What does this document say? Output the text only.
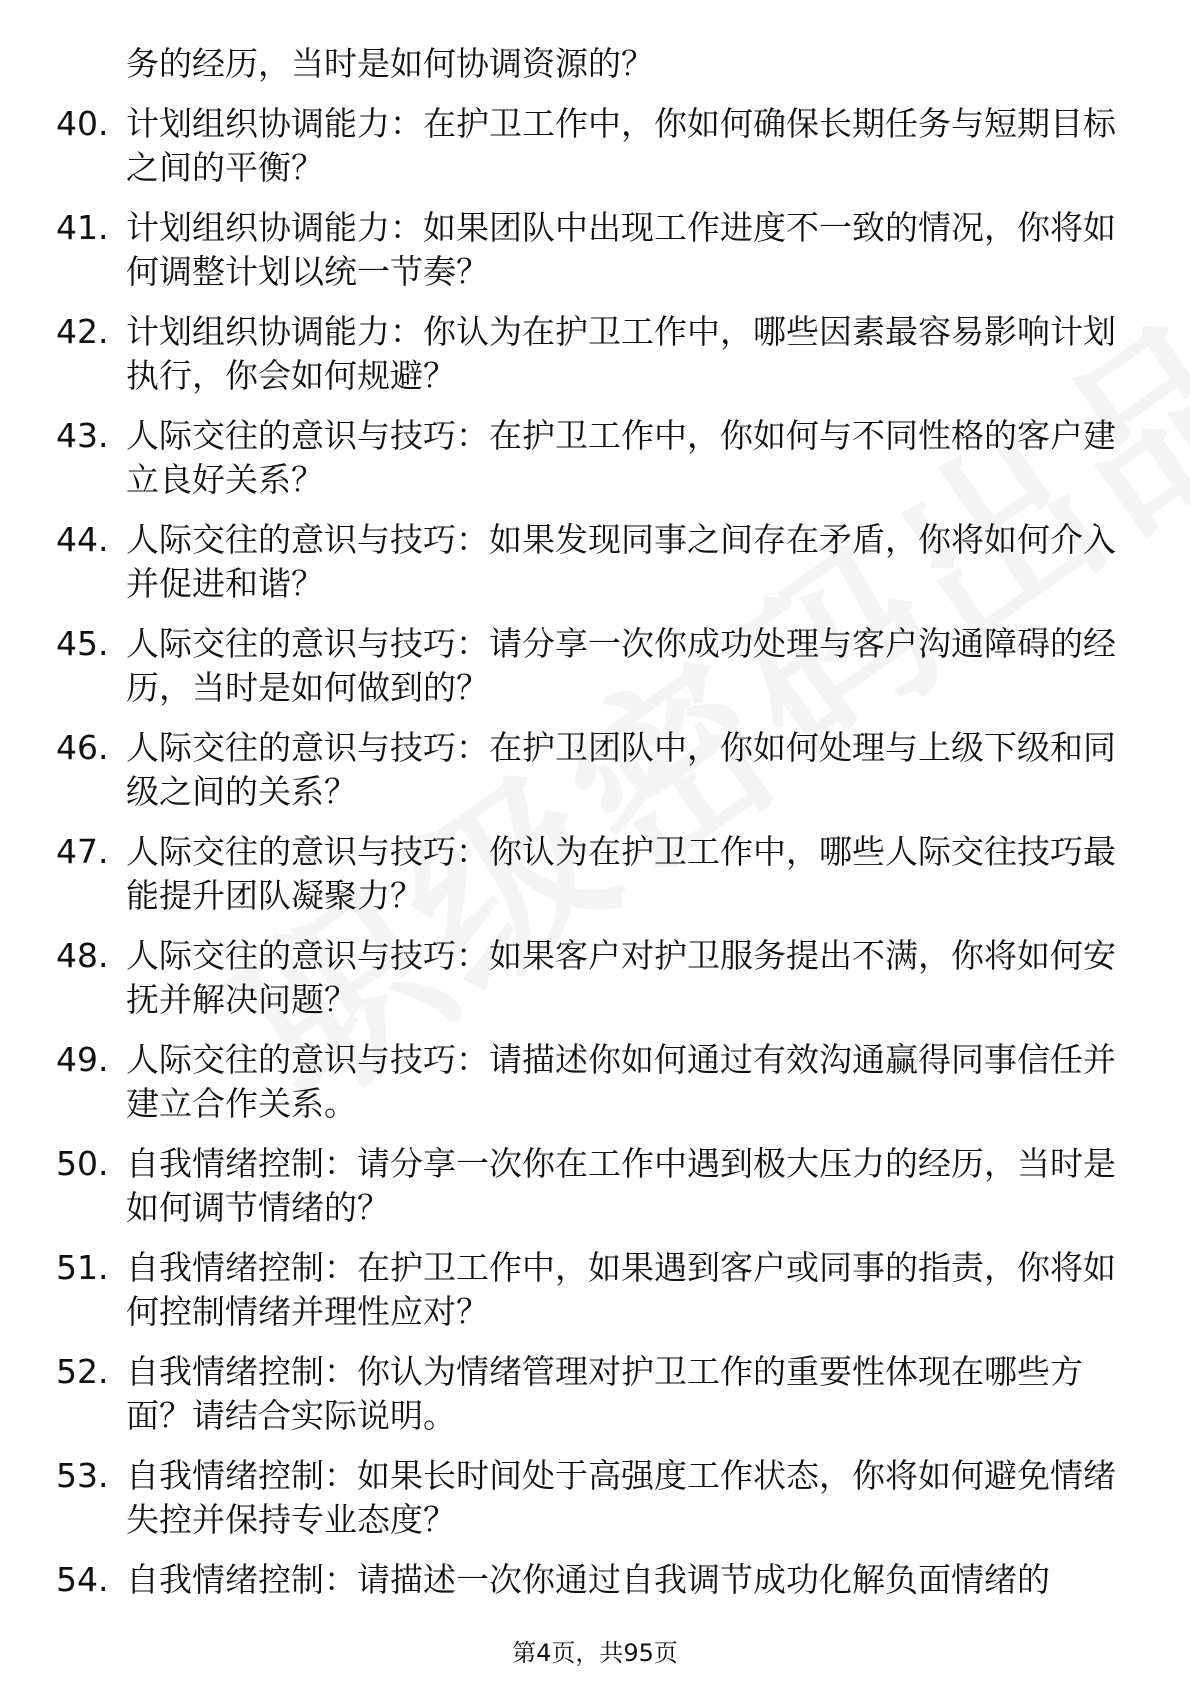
务的经历，当时是如何协调资源的？
40. 计划组织协调能力：在护卫工作中，你如何确保长期任务与短期目标之间的平衡？
41. 计划组织协调能力：如果团队中出现工作进度不一致的情况，你将如何调整计划以统一节奏？
42. 计划组织协调能力：你认为在护卫工作中，哪些因素最容易影响计划执行，你会如何规避？
43. 人际交往的意识与技巧：在护卫工作中，你如何与不同性格的客户建立良好关系？
44. 人际交往的意识与技巧：如果发现同事之间存在矛盾，你将如何介入并促进和谐？
45. 人际交往的意识与技巧：请分享一次你成功处理与客户沟通障碍的经历，当时是如何做到的？
46. 人际交往的意识与技巧：在护卫团队中，你如何处理与上级下级和同级之间的关系？
47. 人际交往的意识与技巧：你认为在护卫工作中，哪些人际交往技巧最能提升团队凝聚力？
48. 人际交往的意识与技巧：如果客户对护卫服务提出不满，你将如何安抚并解决问题？
49. 人际交往的意识与技巧：请描述你如何通过有效沟通赢得同事信任并建立合作关系。
50. 自我情绪控制：请分享一次你在工作中遇到极大压力的经历，当时是如何调节情绪的？
51. 自我情绪控制：在护卫工作中，如果遇到客户或同事的指责，你将如何控制情绪并理性应对？
52. 自我情绪控制：你认为情绪管理对护卫工作的重要性体现在哪些方面？请结合实际说明。
53. 自我情绪控制：如果长时间处于高强度工作状态，你将如何避免情绪失控并保持专业态度？
54. 自我情绪控制：请描述一次你通过自我调节成功化解负面情绪的
第4页，共95页
